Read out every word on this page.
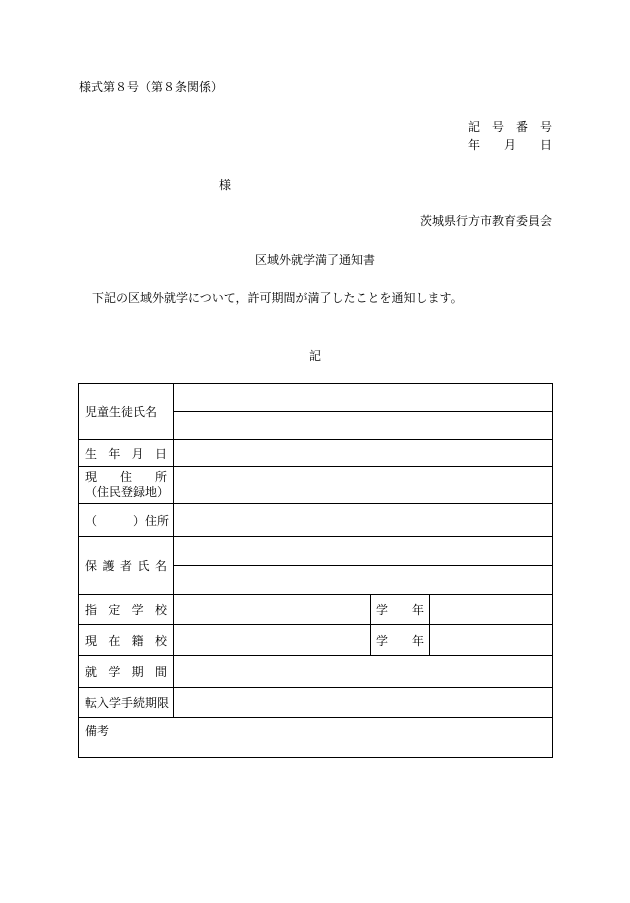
様式第８号（第８条関係）
記　号　番　号
年　　月　　日
様
茨城県行方市教育委員会
区域外就学満了通知書
下記の区域外就学について，許可期間が満了したことを通知します。
記
児童生徒氏名			

生 年 月 日			

現 住 所
（住民登録地）			

（　　　）住所			

保 護 者 氏 名			

指 定 学 校		学　　年	

現 在 籍 校		学　　年	

就 学 期 間			

転入学手続期限			
備考			
